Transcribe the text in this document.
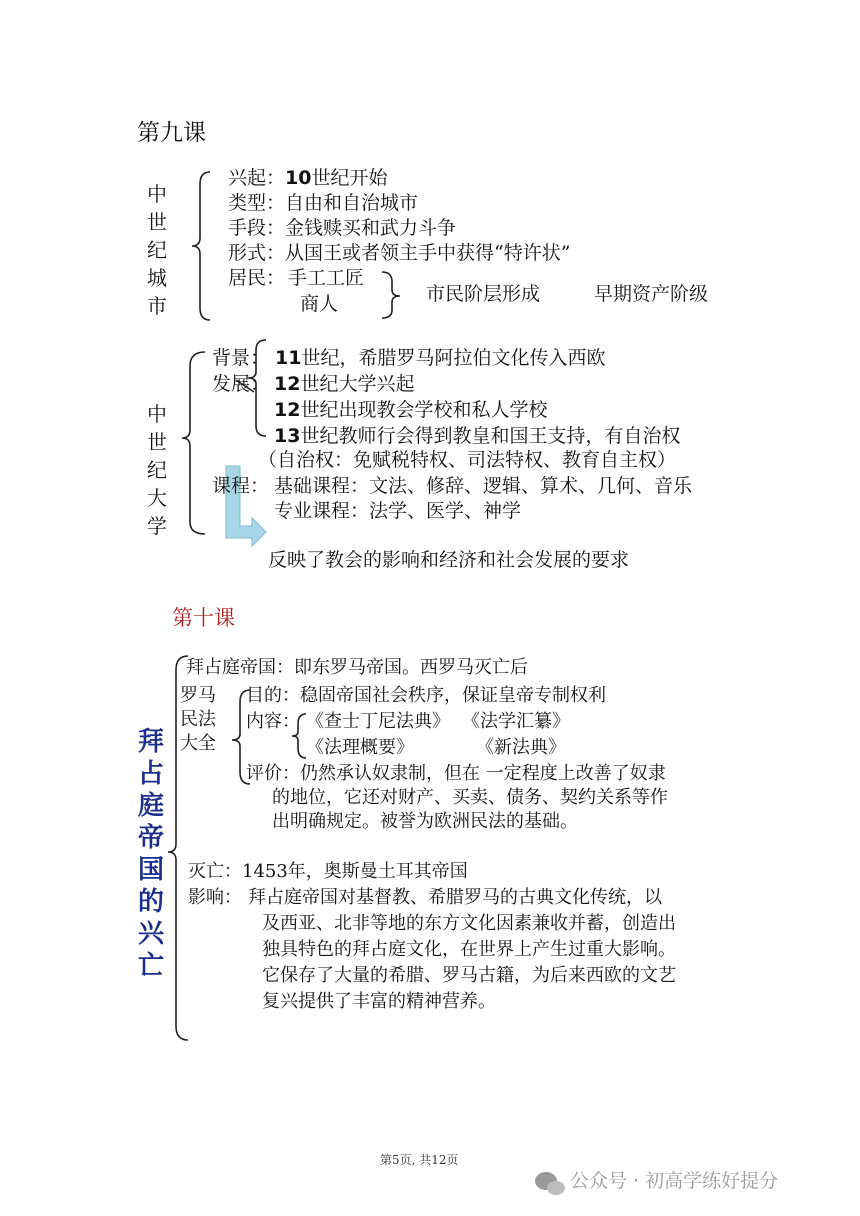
第九课
中世纪城市
兴起：10世纪开始
类型：自由和自治城市
手段：金钱赎买和武力斗争
形式：从国王或者领主手中获得“特许状”
居民： 手工工匠
商人	市民阶层形成	早期资产阶级
中世纪大学
背景： 11世纪，希腊罗马阿拉伯文化传入西欧
发展： 12世纪大学兴起
12世纪出现教会学校和私人学校
13世纪教师行会得到教皇和国王支持，有自治权
（自治权：免赋税特权、司法特权、教育自主权）
课程： 基础课程：文法、修辞、逻辑、算术、几何、音乐
专业课程：法学、医学、神学
反映了教会的影响和经济和社会发展的要求
第十课
拜占庭帝国的兴亡
拜占庭帝国：即东罗马帝国。西罗马灭亡后
罗马民法大全
目的：稳固帝国社会秩序，保证皇帝专制权利
内容： 《查士丁尼法典》 《法学汇纂》
《法理概要》	《新法典》
评价：仍然承认奴隶制，但在 一定程度上改善了奴隶
的地位，它还对财产、买卖、债务、契约关系等作
出明确规定。被誉为欧洲民法的基础。
灭亡：1453年，奥斯曼土耳其帝国
影响： 拜占庭帝国对基督教、希腊罗马的古典文化传统，以
及西亚、北非等地的东方文化因素兼收并蓄，创造出
独具特色的拜占庭文化，在世界上产生过重大影响。
它保存了大量的希腊、罗马古籍，为后来西欧的文艺
复兴提供了丰富的精神营养。
第5页, 共12页
公众号 · 初高学练好提分
